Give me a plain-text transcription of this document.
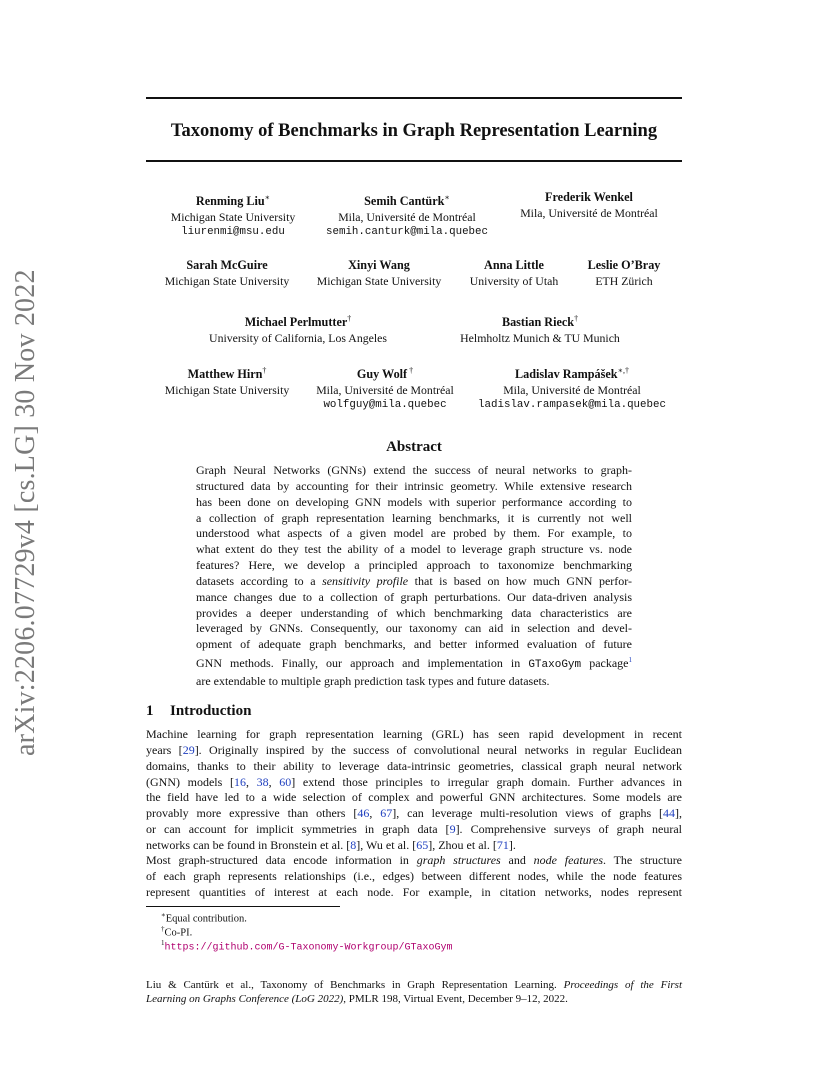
arXiv:2206.07729v4 [cs.LG] 30 Nov 2022
Taxonomy of Benchmarks in Graph Representation Learning
Renming Liu∗
Michigan State University
liurenmi@msu.edu
Semih Cantürk∗
Mila, Université de Montréal
semih.canturk@mila.quebec
Frederik Wenkel
Mila, Université de Montréal
Sarah McGuire
Michigan State University
Xinyi Wang
Michigan State University
Anna Little
University of Utah
Leslie O’Bray
ETH Zürich
Michael Perlmutter†
University of California, Los Angeles
Bastian Rieck†
Helmholtz Munich & TU Munich
Matthew Hirn†
Michigan State University
Guy Wolf †
Mila, Université de Montréal
wolfguy@mila.quebec
Ladislav Rampášek∗,†
Mila, Université de Montréal
ladislav.rampasek@mila.quebec
Abstract
Graph Neural Networks (GNNs) extend the success of neural networks to graph-
structured data by accounting for their intrinsic geometry. While extensive research
has been done on developing GNN models with superior performance according to
a collection of graph representation learning benchmarks, it is currently not well
understood what aspects of a given model are probed by them. For example, to
what extent do they test the ability of a model to leverage graph structure vs. node
features? Here, we develop a principled approach to taxonomize benchmarking
datasets according to a sensitivity profile that is based on how much GNN perfor-
mance changes due to a collection of graph perturbations. Our data-driven analysis
provides a deeper understanding of which benchmarking data characteristics are
leveraged by GNNs. Consequently, our taxonomy can aid in selection and devel-
opment of adequate graph benchmarks, and better informed evaluation of future
GNN methods. Finally, our approach and implementation in GTaxoGym package$^1$
are extendable to multiple graph prediction task types and future datasets.
1 Introduction
Machine learning for graph representation learning (GRL) has seen rapid development in recent
years [29]. Originally inspired by the success of convolutional neural networks in regular Euclidean
domains, thanks to their ability to leverage data-intrinsic geometries, classical graph neural network
(GNN) models [16, 38, 60] extend those principles to irregular graph domain. Further advances in
the field have led to a wide selection of complex and powerful GNN architectures. Some models are
provably more expressive than others [46, 67], can leverage multi-resolution views of graphs [44],
or can account for implicit symmetries in graph data [9]. Comprehensive surveys of graph neural
networks can be found in Bronstein et al. [8], Wu et al. [65], Zhou et al. [71].
Most graph-structured data encode information in graph structures and node features. The structure
of each graph represents relationships (i.e., edges) between different nodes, while the node features
represent quantities of interest at each node. For example, in citation networks, nodes represent
∗Equal contribution.
†Co-PI.
$^1$https://github.com/G-Taxonomy-Workgroup/GTaxoGym
Liu & Cantürk et al., Taxonomy of Benchmarks in Graph Representation Learning. Proceedings of the First
Learning on Graphs Conference (LoG 2022), PMLR 198, Virtual Event, December 9–12, 2022.
